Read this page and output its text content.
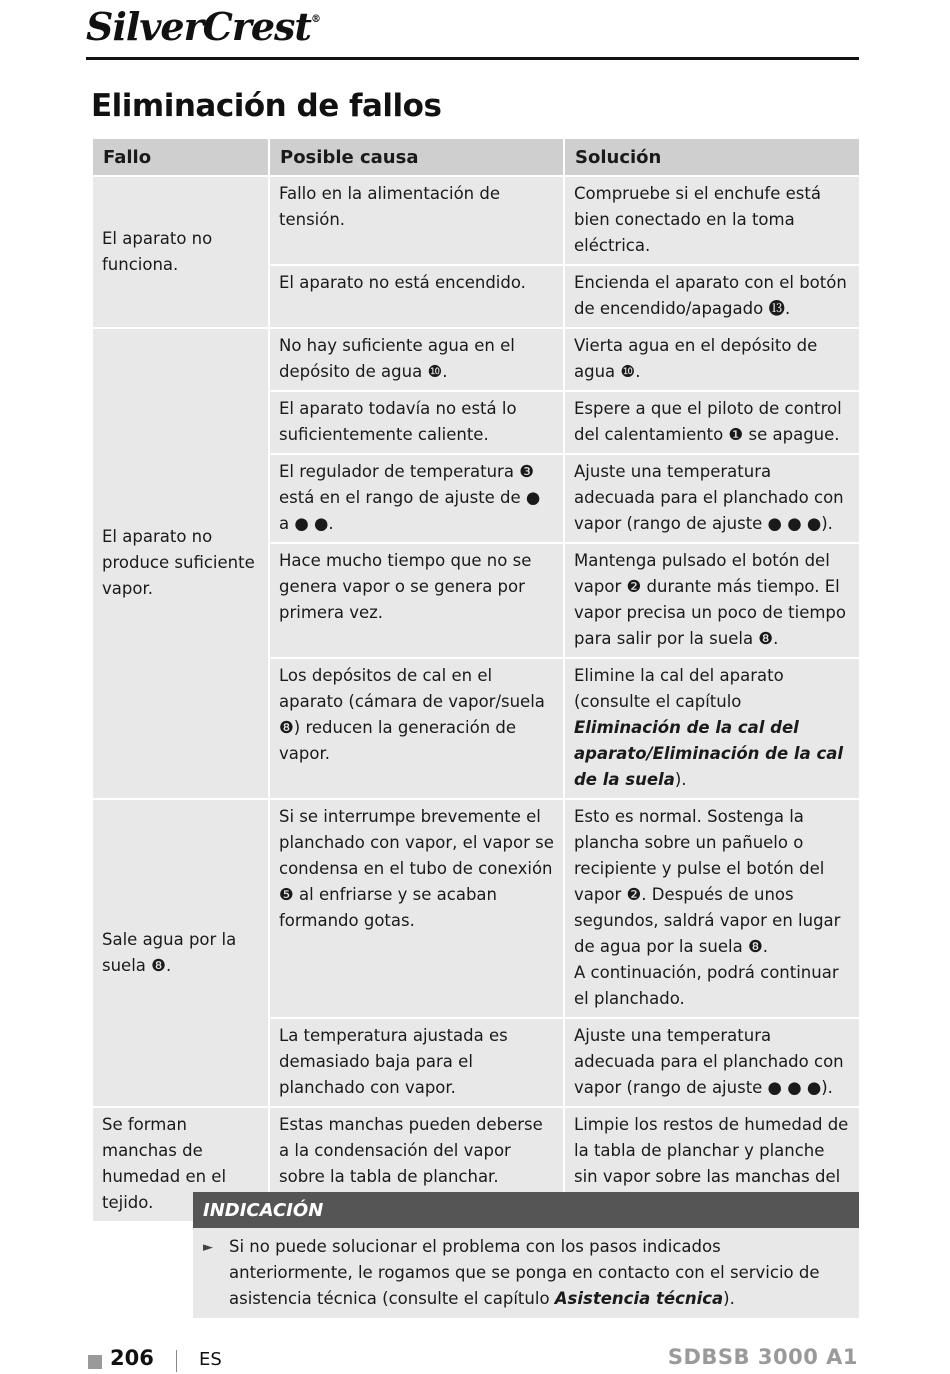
SilverCrest®
Eliminación de fallos
Fallo	Posible causa	Solución
El aparato no funciona.	Fallo en la alimentación de tensión.	Compruebe si el enchufe está bien conectado en la toma eléctrica.
	El aparato no está encendido.	Encienda el aparato con el botón de encendido/apagado ⓭.
El aparato no produce suficiente vapor.	No hay suficiente agua en el depósito de agua ❿.	Vierta agua en el depósito de agua ❿.
	El aparato todavía no está lo suficientemente caliente.	Espere a que el piloto de control del calentamiento ❶ se apague.
	El regulador de temperatura ❸ está en el rango de ajuste de ● a ● ●.	Ajuste una temperatura adecuada para el planchado con vapor (rango de ajuste ● ● ●).
	Hace mucho tiempo que no se genera vapor o se genera por primera vez.	Mantenga pulsado el botón del vapor ❷ durante más tiempo. El vapor precisa un poco de tiempo para salir por la suela ❽.
	Los depósitos de cal en el aparato (cámara de vapor/suela ❽) reducen la generación de vapor.	Elimine la cal del aparato (consulte el capítulo Eliminación de la cal del aparato/Eliminación de la cal de la suela).
Sale agua por la suela ❽.	Si se interrumpe brevemente el planchado con vapor, el vapor se condensa en el tubo de conexión ❺ al enfriarse y se acaban formando gotas.	Esto es normal. Sostenga la plancha sobre un pañuelo o recipiente y pulse el botón del vapor ❷. Después de unos segundos, saldrá vapor en lugar de agua por la suela ❽.
A continuación, podrá continuar el planchado.
	La temperatura ajustada es demasiado baja para el planchado con vapor.	Ajuste una temperatura adecuada para el planchado con vapor (rango de ajuste ● ● ●).
Se forman manchas de humedad en el tejido.	Estas manchas pueden deberse a la condensación del vapor sobre la tabla de planchar.	Limpie los restos de humedad de la tabla de planchar y planche sin vapor sobre las manchas del
INDICACIÓN
► Si no puede solucionar el problema con los pasos indicados anteriormente, le rogamos que se ponga en contacto con el servicio de asistencia técnica (consulte el capítulo Asistencia técnica).
206	ES	SDBSB 3000 A1
